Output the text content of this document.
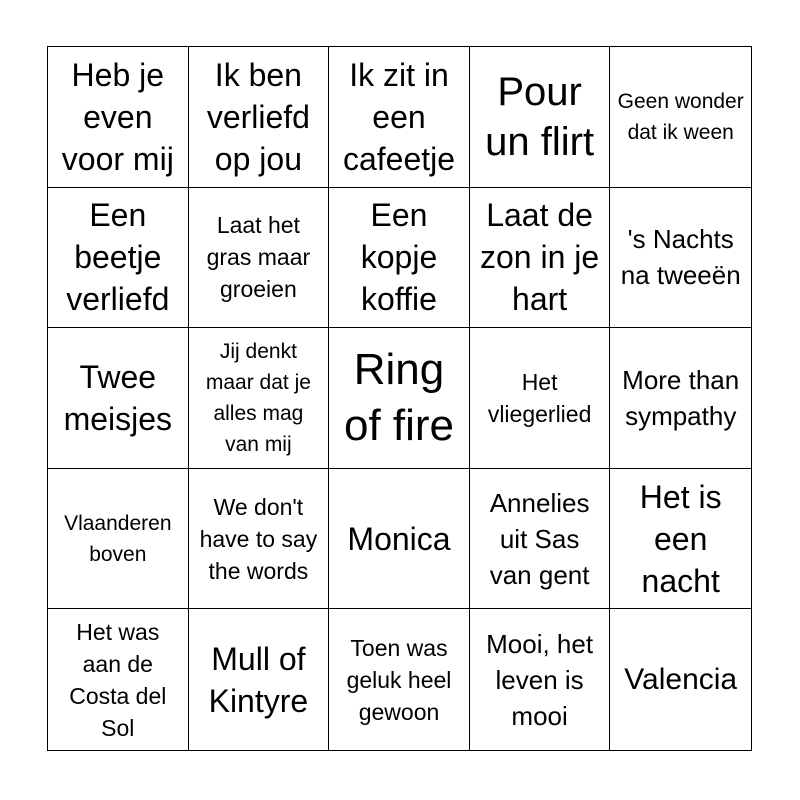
Heb je even voor mij
Ik ben verliefd op jou
Ik zit in een cafeetje
Pour un flirt
Geen wonder dat ik ween
Een beetje verliefd
Laat het gras maar groeien
Een kopje koffie
Laat de zon in je hart
's Nachts na tweeën
Twee meisjes
Jij denkt maar dat je alles mag van mij
Ring of fire
Het vliegerlied
More than sympathy
Vlaanderen boven
We don't have to say the words
Monica
Annelies uit Sas van gent
Het is een nacht
Het was aan de Costa del Sol
Mull of Kintyre
Toen was geluk heel gewoon
Mooi, het leven is mooi
Valencia
